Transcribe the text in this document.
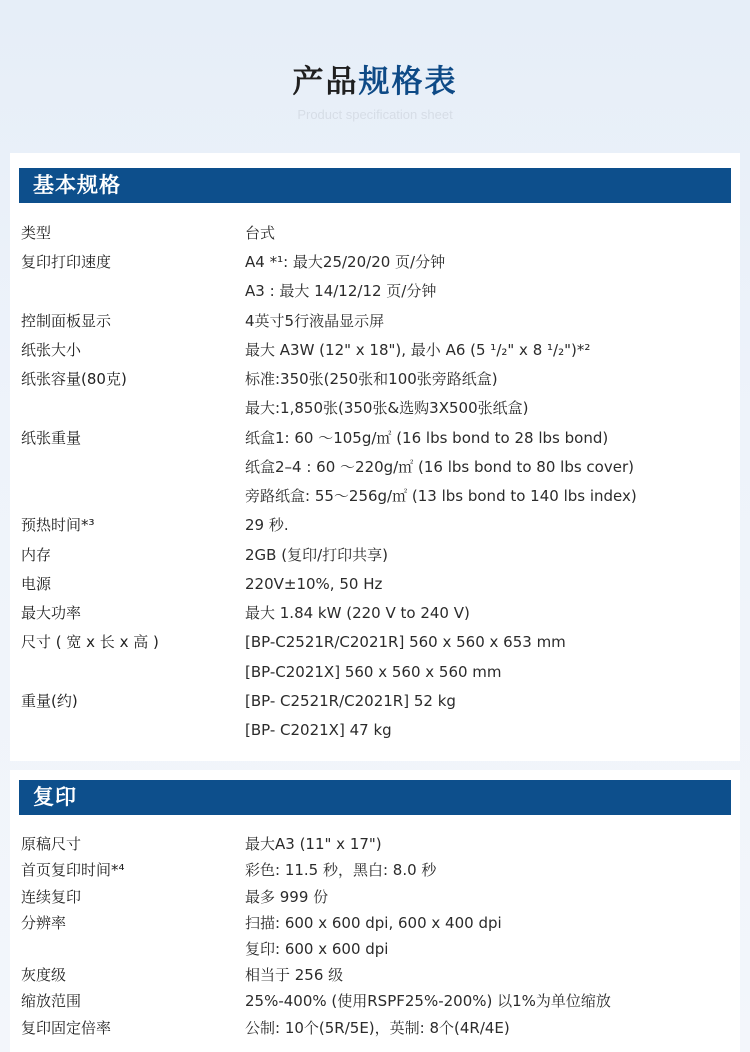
产品规格表
Product specification sheet
基本规格
类型	台式
复印打印速度	A4 *¹: 最大25/20/20 页/分钟
A3 : 最大 14/12/12 页/分钟
控制面板显示	4英寸5行液晶显示屏
纸张大小	最大 A3W (12" x 18"), 最小 A6 (5 ¹/₂" x 8 ¹/₂")*²
纸张容量(80克)	标准:350张(250张和100张旁路纸盒)
最大:1,850张(350张&选购3X500张纸盒)
纸张重量	纸盒1: 60 ～105g/㎡ (16 lbs bond to 28 lbs bond)
纸盒2–4 : 60 ～220g/㎡ (16 lbs bond to 80 lbs cover)
旁路纸盒: 55～256g/㎡ (13 lbs bond to 140 lbs index)
预热时间*³	29 秒.
内存	2GB (复印/打印共享)
电源	220V±10%, 50 Hz
最大功率	最大 1.84 kW (220 V to 240 V)
尺寸 ( 宽 x 长 x 高 )	[BP-C2521R/C2021R] 560 x 560 x 653 mm
[BP-C2021X] 560 x 560 x 560 mm
重量(约)	[BP- C2521R/C2021R] 52 kg
[BP- C2021X] 47 kg
复印
原稿尺寸	最大A3 (11" x 17")
首页复印时间*⁴	彩色: 11.5 秒，黑白: 8.0 秒
连续复印	最多 999 份
分辨率	扫描: 600 x 600 dpi, 600 x 400 dpi
复印: 600 x 600 dpi
灰度级	相当于 256 级
缩放范围	25%-400% (使用RSPF25%-200%) 以1%为单位缩放
复印固定倍率	公制: 10个(5R/5E)，英制: 8个(4R/4E)
